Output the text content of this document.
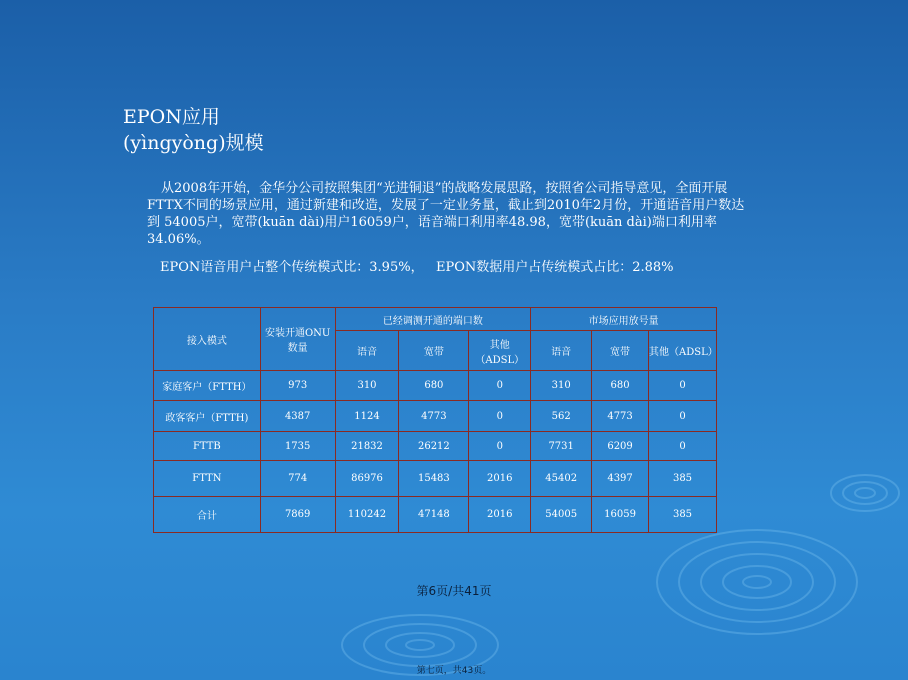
EPON应用
(yìngyòng)规模
从2008年开始，金华分公司按照集团“光进铜退”的战略发展思路，按照省公司指导意见，全面开展FTTX不同的场景应用，通过新建和改造，发展了一定业务量，截止到2010年2月份，开通语音用户数达到 54005户，宽带(kuān dài)用户16059户，语音端口利用率48.98，宽带(kuān dài)端口利用率34.06%。
EPON语音用户占整个传统模式比：3.95%，   EPON数据用户占传统模式占比：2.88%
接入模式	安装开通ONU数量	已经调测开通的端口数			市场应用放号量		
		语音	宽带	其他（ADSL）	语音	宽带	其他（ADSL）
家庭客户（FTTH）	973	310	680	0	310	680	0
政客客户（FTTH)	4387	1124	4773	0	562	4773	0
FTTB	1735	21832	26212	0	7731	6209	0
FTTN	774	86976	15483	2016	45402	4397	385
合计	7869	110242	47148	2016	54005	16059	385
第6页/共41页
第七页，共43页。
